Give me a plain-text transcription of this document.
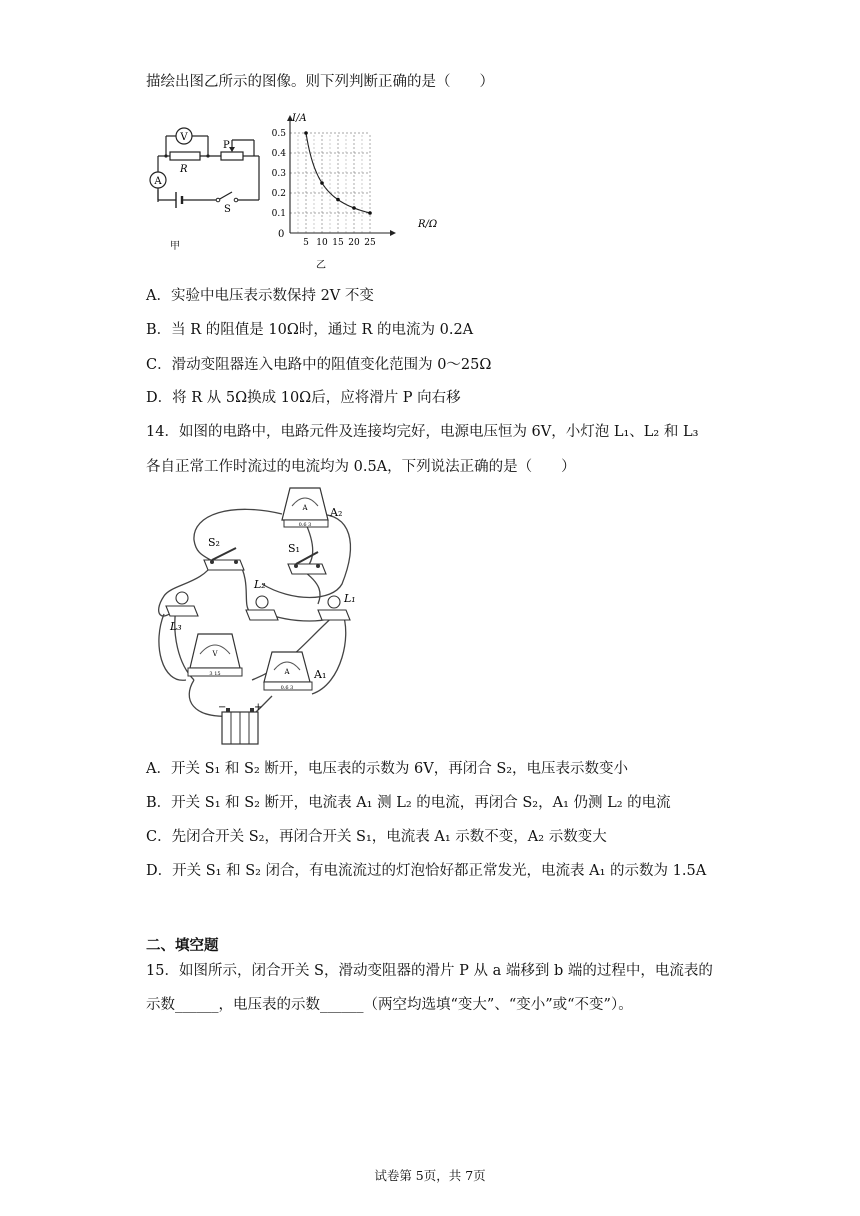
描绘出图乙所示的图像。则下列判断正确的是（　　）
V
A
R
P
S
甲	5 10 15 20 25
0.1
0.2
0.3
0.4
0.5
I/A
R/Ω
0
乙
A．实验中电压表示数保持 2V 不变
B．当 R 的阻值是 10Ω时，通过 R 的电流为 0.2A
C．滑动变阻器连入电路中的阻值变化范围为 0～25Ω
D．将 R 从 5Ω换成 10Ω后，应将滑片 P 向右移
14．如图的电路中，电路元件及连接均完好，电源电压恒为 6V，小灯泡 L₁、L₂ 和 L₃
各自正常工作时流过的电流均为 0.5A，下列说法正确的是（　　）
A
0.6 3
A₂
S₂	S₁
L₃
L₂
L₁
V
3 15	A
0.6 3
A₁
−	+
A．开关 S₁ 和 S₂ 断开，电压表的示数为 6V，再闭合 S₂，电压表示数变小
B．开关 S₁ 和 S₂ 断开，电流表 A₁ 测 L₂ 的电流，再闭合 S₂，A₁ 仍测 L₂ 的电流
C．先闭合开关 S₂，再闭合开关 S₁，电流表 A₁ 示数不变，A₂ 示数变大
D．开关 S₁ 和 S₂ 闭合，有电流流过的灯泡恰好都正常发光，电流表 A₁ 的示数为 1.5A
二、填空题
15．如图所示，闭合开关 S，滑动变阻器的滑片 P 从 a 端移到 b 端的过程中，电流表的
示数______，电压表的示数______（两空均选填“变大”、“变小”或“不变”）。
试卷第 5页，共 7页
